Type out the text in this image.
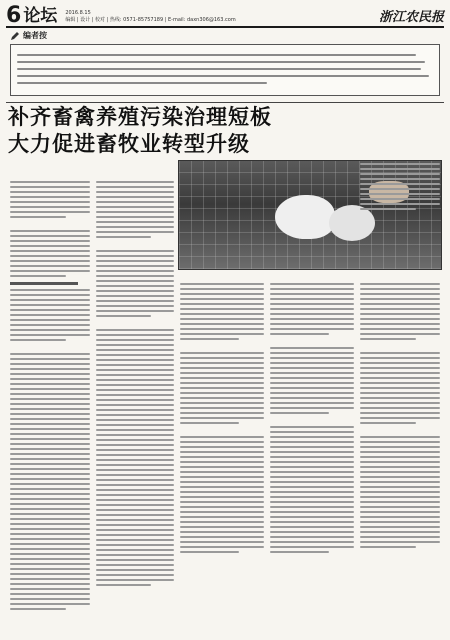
6 论坛 2016.8.15
编辑 | 设计 | 校对 | 热线: 0571-85757189 | E-mail: daxn306@163.com	浙江农民报
编者按
补齐畜禽养殖污染治理短板
大力促进畜牧业转型升级
